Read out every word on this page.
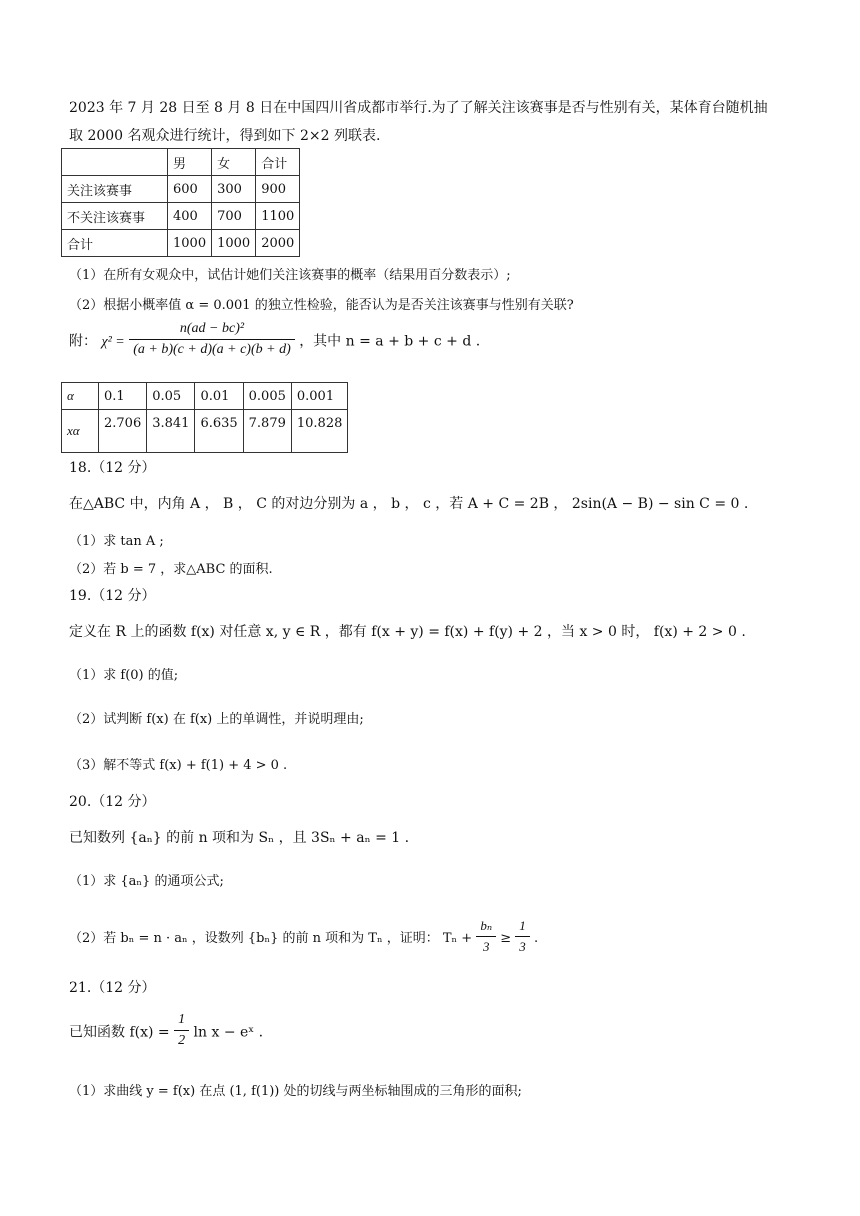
2023 年 7 月 28 日至 8 月 8 日在中国四川省成都市举行.为了了解关注该赛事是否与性别有关，某体育台随机抽
取 2000 名观众进行统计，得到如下 2×2 列联表.
	男	女	合计
关注该赛事	600	300	900
不关注该赛事	400	700	1100
合计	1000	1000	2000
（1）在所有女观众中，试估计她们关注该赛事的概率（结果用百分数表示）;
（2）根据小概率值 α = 0.001 的独立性检验，能否认为是否关注该赛事与性别有关联?
附： $\chi^2 = \frac{\text{n(ad − bc)²}}{(a + b)(c + d)(a + c)(b + d)}$ ，其中 n = a + b + c + d .
α	0.1	0.05	0.01	0.005	0.001
xα	2.706	3.841	6.635	7.879	10.828
18.（12 分）
在△ABC 中，内角 A ， B ， C 的对边分别为 a ， b ， c ，若 A + C = 2B ， 2sin(A − B) − sin C = 0 .
（1）求 tan A ;
（2）若 b = 7 ，求△ABC 的面积.
19.（12 分）
定义在 R 上的函数 f(x) 对任意 x, y ∈ R ，都有 f(x + y) = f(x) + f(y) + 2 ，当 x > 0 时， f(x) + 2 > 0 .
（1）求 f(0) 的值;
（2）试判断 f(x) 在 f(x) 上的单调性，并说明理由;
（3）解不等式 f(x) + f(1) + 4 > 0 .
20.（12 分）
已知数列 {aₙ} 的前 n 项和为 Sₙ ，且 3Sₙ + aₙ = 1 .
（1）求 {aₙ} 的通项公式;
（2）若 bₙ = n · aₙ ，设数列 {bₙ} 的前 n 项和为 Tₙ ，证明： $T_n + \frac{\text{bₙ}}{3} \ge \frac{1}{3}$ .
21.（12 分）
已知函数 $f(x) = \frac{1}{2}$ ln x − eˣ .
（1）求曲线 y = f(x) 在点 (1, f(1)) 处的切线与两坐标轴围成的三角形的面积;
